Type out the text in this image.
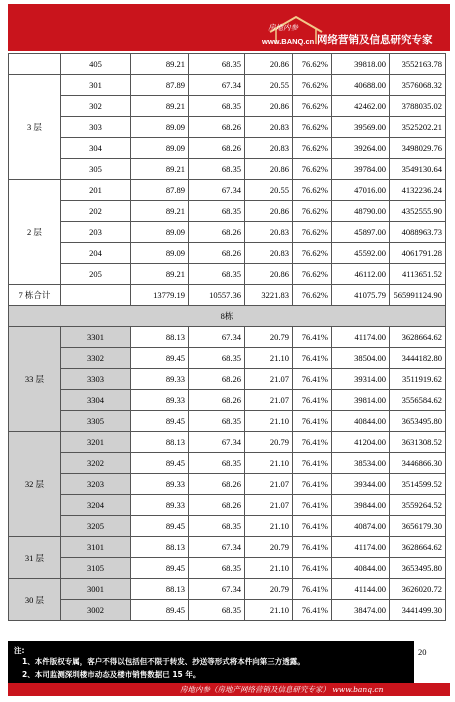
房地内参
www.BANQ.cn 网络营销及信息研究专家
	405	89.21	68.35	20.86	76.62%	39818.00	3552163.78
3 层	301	87.89	67.34	20.55	76.62%	40688.00	3576068.32
	302	89.21	68.35	20.86	76.62%	42462.00	3788035.02
	303	89.09	68.26	20.83	76.62%	39569.00	3525202.21
	304	89.09	68.26	20.83	76.62%	39264.00	3498029.76
	305	89.21	68.35	20.86	76.62%	39784.00	3549130.64
2 层	201	87.89	67.34	20.55	76.62%	47016.00	4132236.24
	202	89.21	68.35	20.86	76.62%	48790.00	4352555.90
	203	89.09	68.26	20.83	76.62%	45897.00	4088963.73
	204	89.09	68.26	20.83	76.62%	45592.00	4061791.28
	205	89.21	68.35	20.86	76.62%	46112.00	4113651.52
7 栋合计		13779.19	10557.36	3221.83	76.62%	41075.79	565991124.90
8栋							
33 层	3301	88.13	67.34	20.79	76.41%	41174.00	3628664.62
	3302	89.45	68.35	21.10	76.41%	38504.00	3444182.80
	3303	89.33	68.26	21.07	76.41%	39314.00	3511919.62
	3304	89.33	68.26	21.07	76.41%	39814.00	3556584.62
	3305	89.45	68.35	21.10	76.41%	40844.00	3653495.80
32 层	3201	88.13	67.34	20.79	76.41%	41204.00	3631308.52
	3202	89.45	68.35	21.10	76.41%	38534.00	3446866.30
	3203	89.33	68.26	21.07	76.41%	39344.00	3514599.52
	3204	89.33	68.26	21.07	76.41%	39844.00	3559264.52
	3205	89.45	68.35	21.10	76.41%	40874.00	3656179.30
31 层	3101	88.13	67.34	20.79	76.41%	41174.00	3628664.62
	3105	89.45	68.35	21.10	76.41%	40844.00	3653495.80
30 层	3001	88.13	67.34	20.79	76.41%	41144.00	3626020.72
	3002	89.45	68.35	21.10	76.41%	38474.00	3441499.30
20
注:
1、本件版权专属，客户不得以包括但不限于转发、抄送等形式将本件向第三方透露。
2、本司监测深圳楼市动态及楼市销售数据已 15 年。
房地内参（房地产网络营销及信息研究专家） www.banq.cn
